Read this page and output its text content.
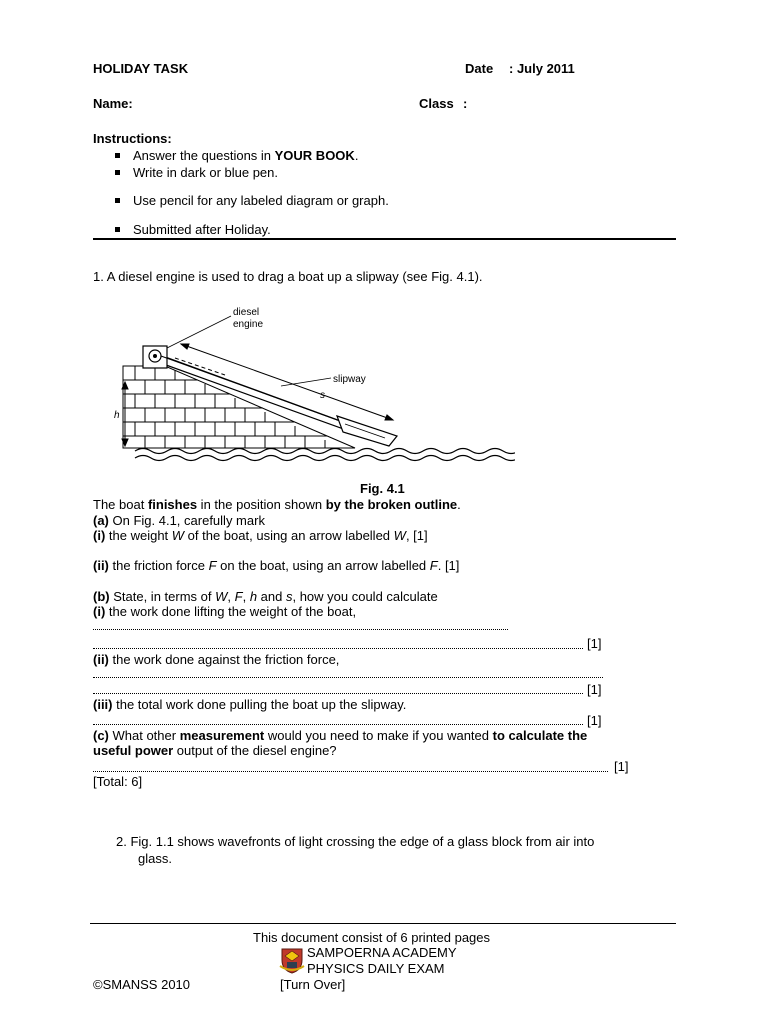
HOLIDAY TASK	Date : July 2011
Name:	Class :
Instructions:
Answer the questions in YOUR BOOK.
Write in dark or blue pen.
Use pencil for any labeled diagram or graph.
Submitted after Holiday.
1. A diesel engine is used to drag a boat up a slipway (see Fig. 4.1).
diesel
engine
slipway
s
h
Fig. 4.1
The boat finishes in the position shown by the broken outline.
(a) On Fig. 4.1, carefully mark
(i) the weight W of the boat, using an arrow labelled W, [1]
(ii) the friction force F on the boat, using an arrow labelled F. [1]
(b) State, in terms of W, F, h and s, how you could calculate
(i) the work done lifting the weight of the boat,
[1]
(ii) the work done against the friction force,
[1]
(iii) the total work done pulling the boat up the slipway.
[1]
(c) What other measurement would you need to make if you wanted to calculate the
useful power output of the diesel engine?
[1]
[Total: 6]
2. Fig. 1.1 shows wavefronts of light crossing the edge of a glass block from air into
glass.
This document consist of 6 printed pages
SAMPOERNA ACADEMY
PHYSICS DAILY EXAM
©SMANSS 2010	[Turn Over]
